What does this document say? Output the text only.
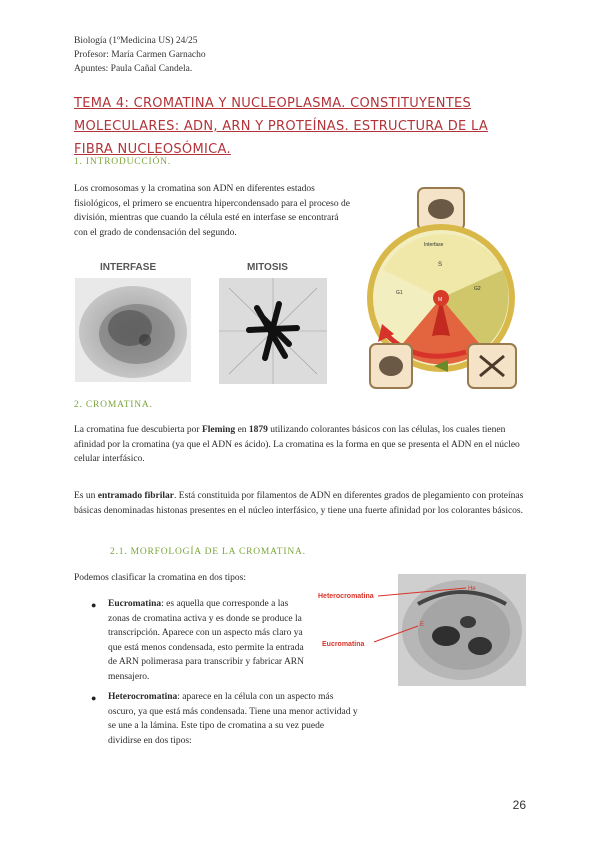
Biología (1ºMedicina US) 24/25
Profesor: María Carmen Garnacho
Apuntes: Paula Cañal Candela.
TEMA 4: CROMATINA Y NUCLEOPLASMA. CONSTITUYENTES MOLECULARES: ADN, ARN Y PROTEÍNAS. ESTRUCTURA DE LA FIBRA NUCLEOSÓMICA.
1. INTRODUCCIÓN.
Los cromosomas y la cromatina son ADN en diferentes estados fisiológicos, el primero se encuentra hipercondensado para el proceso de división, mientras que cuando la célula esté en interfase se encontrará con el grado de condensación del segundo.
INTERFASE	MITOSIS
Interfase
S
G1
G2
M
2. CROMATINA.
La cromatina fue descubierta por Fleming en 1879 utilizando colorantes básicos con las células, los cuales tienen afinidad por la cromatina (ya que el ADN es ácido). La cromatina es la forma en que se presenta el ADN en el núcleo celular interfásico.
Es un entramado fibrilar. Está constituida por filamentos de ADN en diferentes grados de plegamiento con proteínas básicas denominadas histonas presentes en el núcleo interfásico, y tiene una fuerte afinidad por los colorantes básicos.
2.1. MORFOLOGÍA DE LA CROMATINA.
Podemos clasificar la cromatina en dos tipos:
● Eucromatina: es aquella que corresponde a las zonas de cromatina activa y es donde se produce la transcripción. Aparece con un aspecto más claro ya que está menos condensada, esto permite la entrada de ARN polimerasa para transcribir y fabricar ARN mensajero.
● Heterocromatina: aparece en la célula con un aspecto más oscuro, ya que está más condensada. Tiene una menor actividad y se une a la lámina. Este tipo de cromatina a su vez puede dividirse en dos tipos:
Heterocromatina
He
Eucromatina
E
26
